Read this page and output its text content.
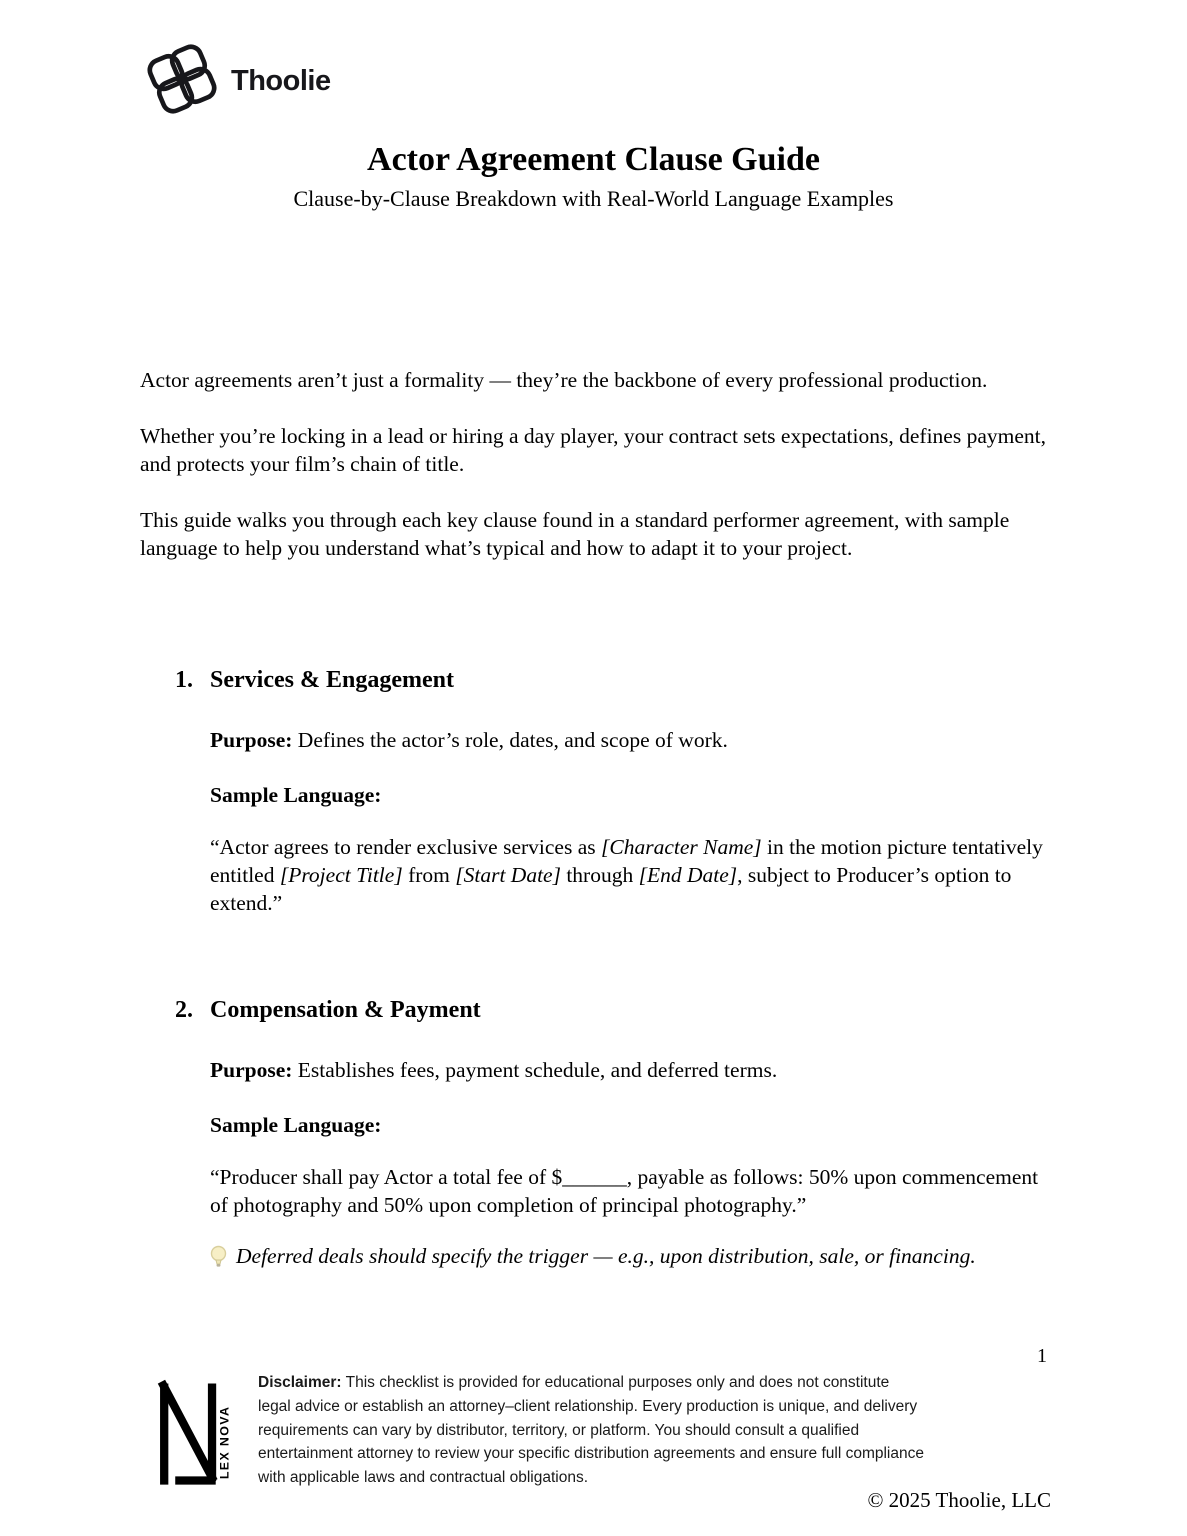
Thoolie
Actor Agreement Clause Guide
Clause-by-Clause Breakdown with Real-World Language Examples

Actor agreements aren’t just a formality — they’re the backbone of every professional production.

Whether you’re locking in a lead or hiring a day player, your contract sets expectations, defines payment, and protects your film’s chain of title.

This guide walks you through each key clause found in a standard performer agreement, with sample language to help you understand what’s typical and how to adapt it to your project.

1. Services & Engagement
Purpose: Defines the actor’s role, dates, and scope of work.
Sample Language:
“Actor agrees to render exclusive services as [Character Name] in the motion picture tentatively entitled [Project Title] from [Start Date] through [End Date], subject to Producer’s option to extend.”
2. Compensation & Payment
Purpose: Establishes fees, payment schedule, and deferred terms.
Sample Language:
“Producer shall pay Actor a total fee of $______, payable as follows: 50% upon commencement of photography and 50% upon completion of principal photography.”
Deferred deals should specify the trigger — e.g., upon distribution, sale, or financing.
1
LEX NOVA
Disclaimer: This checklist is provided for educational purposes only and does not constitute legal advice or establish an attorney–client relationship. Every production is unique, and delivery requirements can vary by distributor, territory, or platform. You should consult a qualified entertainment attorney to review your specific distribution agreements and ensure full compliance with applicable laws and contractual obligations.
© 2025 Thoolie, LLC
